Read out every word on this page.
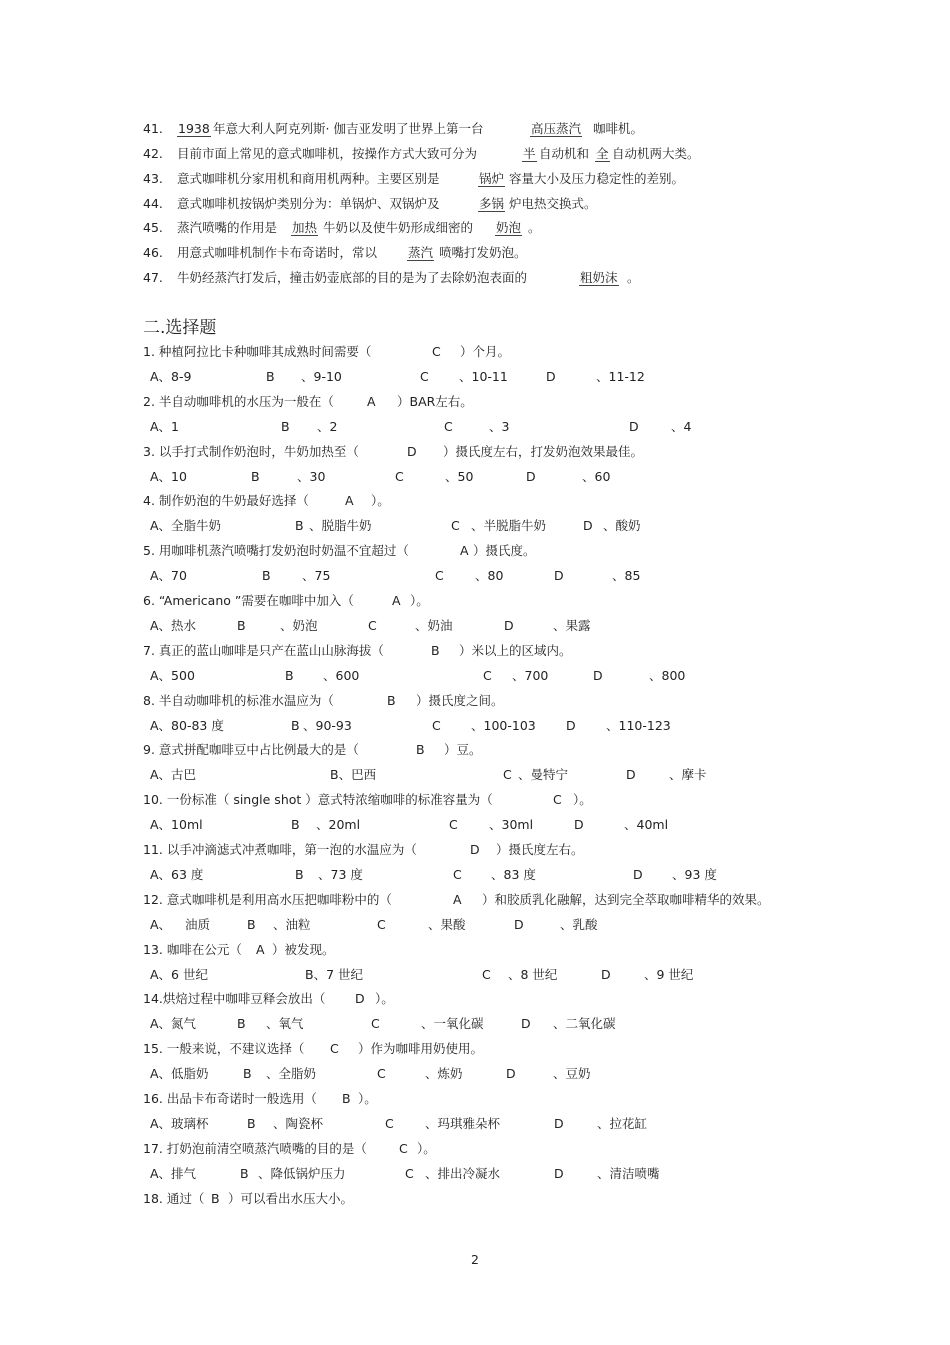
41. 1938 年意大利人阿克列斯· 伽吉亚发明了世界上第一台	高压蒸汽 咖啡机。
42. 目前市面上常见的意式咖啡机，按操作方式大致可分为	半 自动机和 全 自动机两大类。
43. 意式咖啡机分家用机和商用机两种。主要区别是	锅炉 容量大小及压力稳定性的差别。
44. 意式咖啡机按锅炉类别分为：单锅炉、双锅炉及	多锅 炉电热交换式。
45. 蒸汽喷嘴的作用是 加热 牛奶以及使牛奶形成细密的 奶泡 。
46. 用意式咖啡机制作卡布奇诺时，常以 蒸汽 喷嘴打发奶泡。
47. 牛奶经蒸汽打发后，撞击奶壶底部的目的是为了去除奶泡表面的	粗奶沫 。
1. 种植阿拉比卡种咖啡其成熟时间需要（	C ）个月。
A、8-9	B 、9-10	C 、10-11	D	、11-12
2. 半自动咖啡机的水压为一般在（	A ）BAR左右。
A、1	B 、2	C	、3	D	、4
3. 以手打式制作奶泡时，牛奶加热至（	D ）摄氏度左右，打发奶泡效果最佳。
A、10	B	、30	C	、50	D	、60
4. 制作奶泡的牛奶最好选择（	A ）。
A、全脂牛奶	B 、脱脂牛奶	C 、半脱脂牛奶	D 、酸奶
5. 用咖啡机蒸汽喷嘴打发奶泡时奶温不宜超过（	A ）摄氏度。
A、70	B	、75	C	、80	D	、85
6. “Americano ”需要在咖啡中加入（	A ）。
A、热水	B	、奶泡	C	、奶油	D	、果露
7. 真正的蓝山咖啡是只产在蓝山山脉海拔（	B ）米以上的区域内。
A、500	B 、600	C 、700	D	、800
8. 半自动咖啡机的标准水温应为（	B ）摄氏度之间。
A、80-83 度	B 、90-93	C 、100-103 D 、110-123
9. 意式拼配咖啡豆中占比例最大的是（	B ）豆。
A、古巴	B、巴西	C 、曼特宁	D	、摩卡
10. 一份标准（ single shot ）意式特浓缩咖啡的标准容量为（	C ）。
A、10ml	B 、20ml	C	、30ml	D	、40ml
11. 以手冲滴滤式冲煮咖啡，第一泡的水温应为（	D ）摄氏度左右。
A、63 度	B 、73 度	C 、83 度	D 、93 度
12. 意式咖啡机是利用高水压把咖啡粉中的（	A ）和胶质乳化融解，达到完全萃取咖啡精华的效果。
A、 油质	B 、油粒	C	、果酸	D	、乳酸
13. 咖啡在公元（ A ）被发现。
A、6 世纪	B、7 世纪	C 、8 世纪	D	、9 世纪
14.烘焙过程中咖啡豆释会放出（ D ）。
A、氮气	B 、氧气	C	、一氧化碳	D 、二氧化碳
15. 一般来说，不建议选择（ C ）作为咖啡用奶使用。
A、低脂奶	B 、全脂奶	C	、炼奶	D	、豆奶
16. 出品卡布奇诺时一般选用（ B ）。
A、玻璃杯	B 、陶瓷杯	C	、玛琪雅朵杯	D	、拉花缸
17. 打奶泡前清空喷蒸汽喷嘴的目的是（	C ）。
A、排气	B 、降低锅炉压力	C 、排出冷凝水	D	、清洁喷嘴
18. 通过（ B ）可以看出水压大小。
二.选择题
2
